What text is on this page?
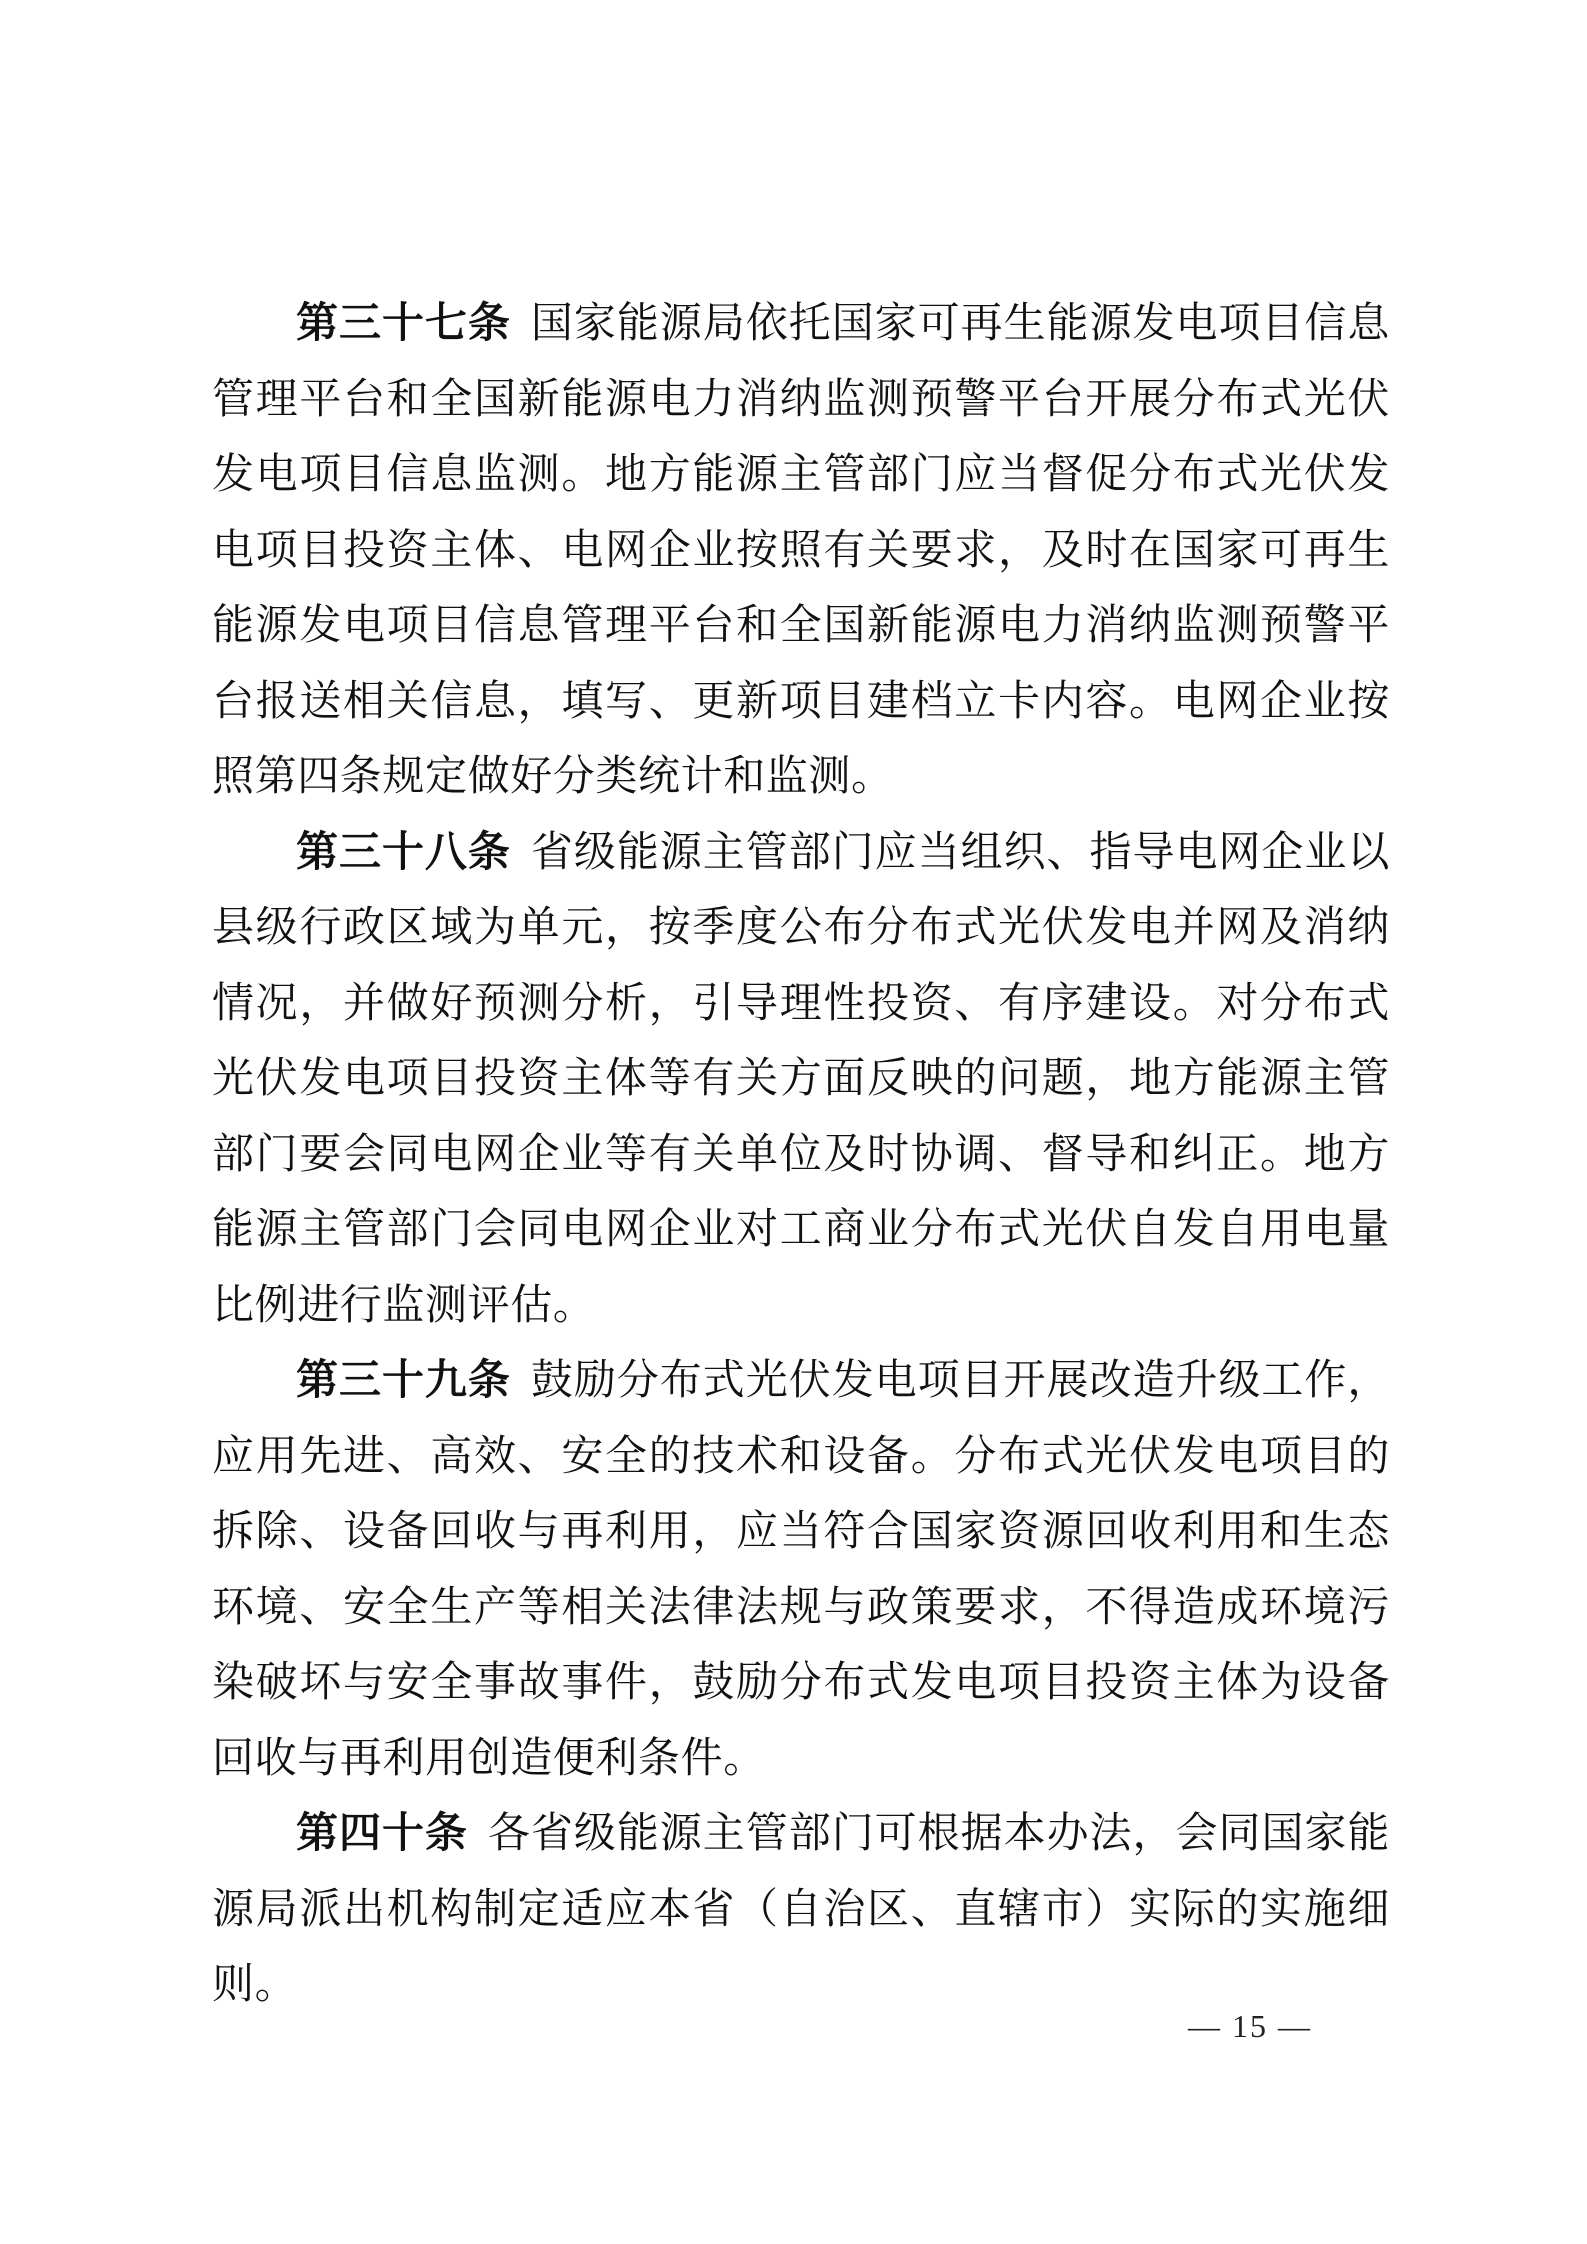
第三十七条 国家能源局依托国家可再生能源发电项目信息管理平台和全国新能源电力消纳监测预警平台开展分布式光伏发电项目信息监测。地方能源主管部门应当督促分布式光伏发电项目投资主体、电网企业按照有关要求，及时在国家可再生能源发电项目信息管理平台和全国新能源电力消纳监测预警平台报送相关信息，填写、更新项目建档立卡内容。电网企业按照第四条规定做好分类统计和监测。

第三十八条 省级能源主管部门应当组织、指导电网企业以县级行政区域为单元，按季度公布分布式光伏发电并网及消纳情况，并做好预测分析，引导理性投资、有序建设。对分布式光伏发电项目投资主体等有关方面反映的问题，地方能源主管部门要会同电网企业等有关单位及时协调、督导和纠正。地方能源主管部门会同电网企业对工商业分布式光伏自发自用电量比例进行监测评估。

第三十九条 鼓励分布式光伏发电项目开展改造升级工作，应用先进、高效、安全的技术和设备。分布式光伏发电项目的拆除、设备回收与再利用，应当符合国家资源回收利用和生态环境、安全生产等相关法律法规与政策要求，不得造成环境污染破坏与安全事故事件，鼓励分布式发电项目投资主体为设备回收与再利用创造便利条件。

第四十条 各省级能源主管部门可根据本办法，会同国家能源局派出机构制定适应本省（自治区、直辖市）实际的实施细则。

— 15 —
